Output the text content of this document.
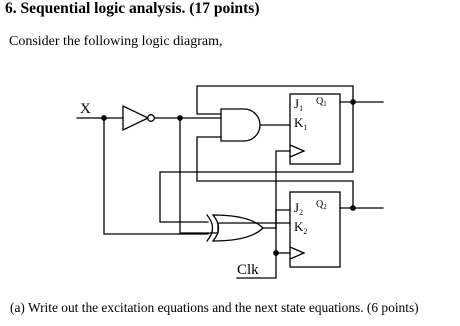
6. Sequential logic analysis. (17 points)
Consider the following logic diagram,
X	$J_1$
$K_1$
$Q_1$
$J_2$
$K_2$
$Q_2$
Clk
(a) Write out the excitation equations and the next state equations. (6 points)
